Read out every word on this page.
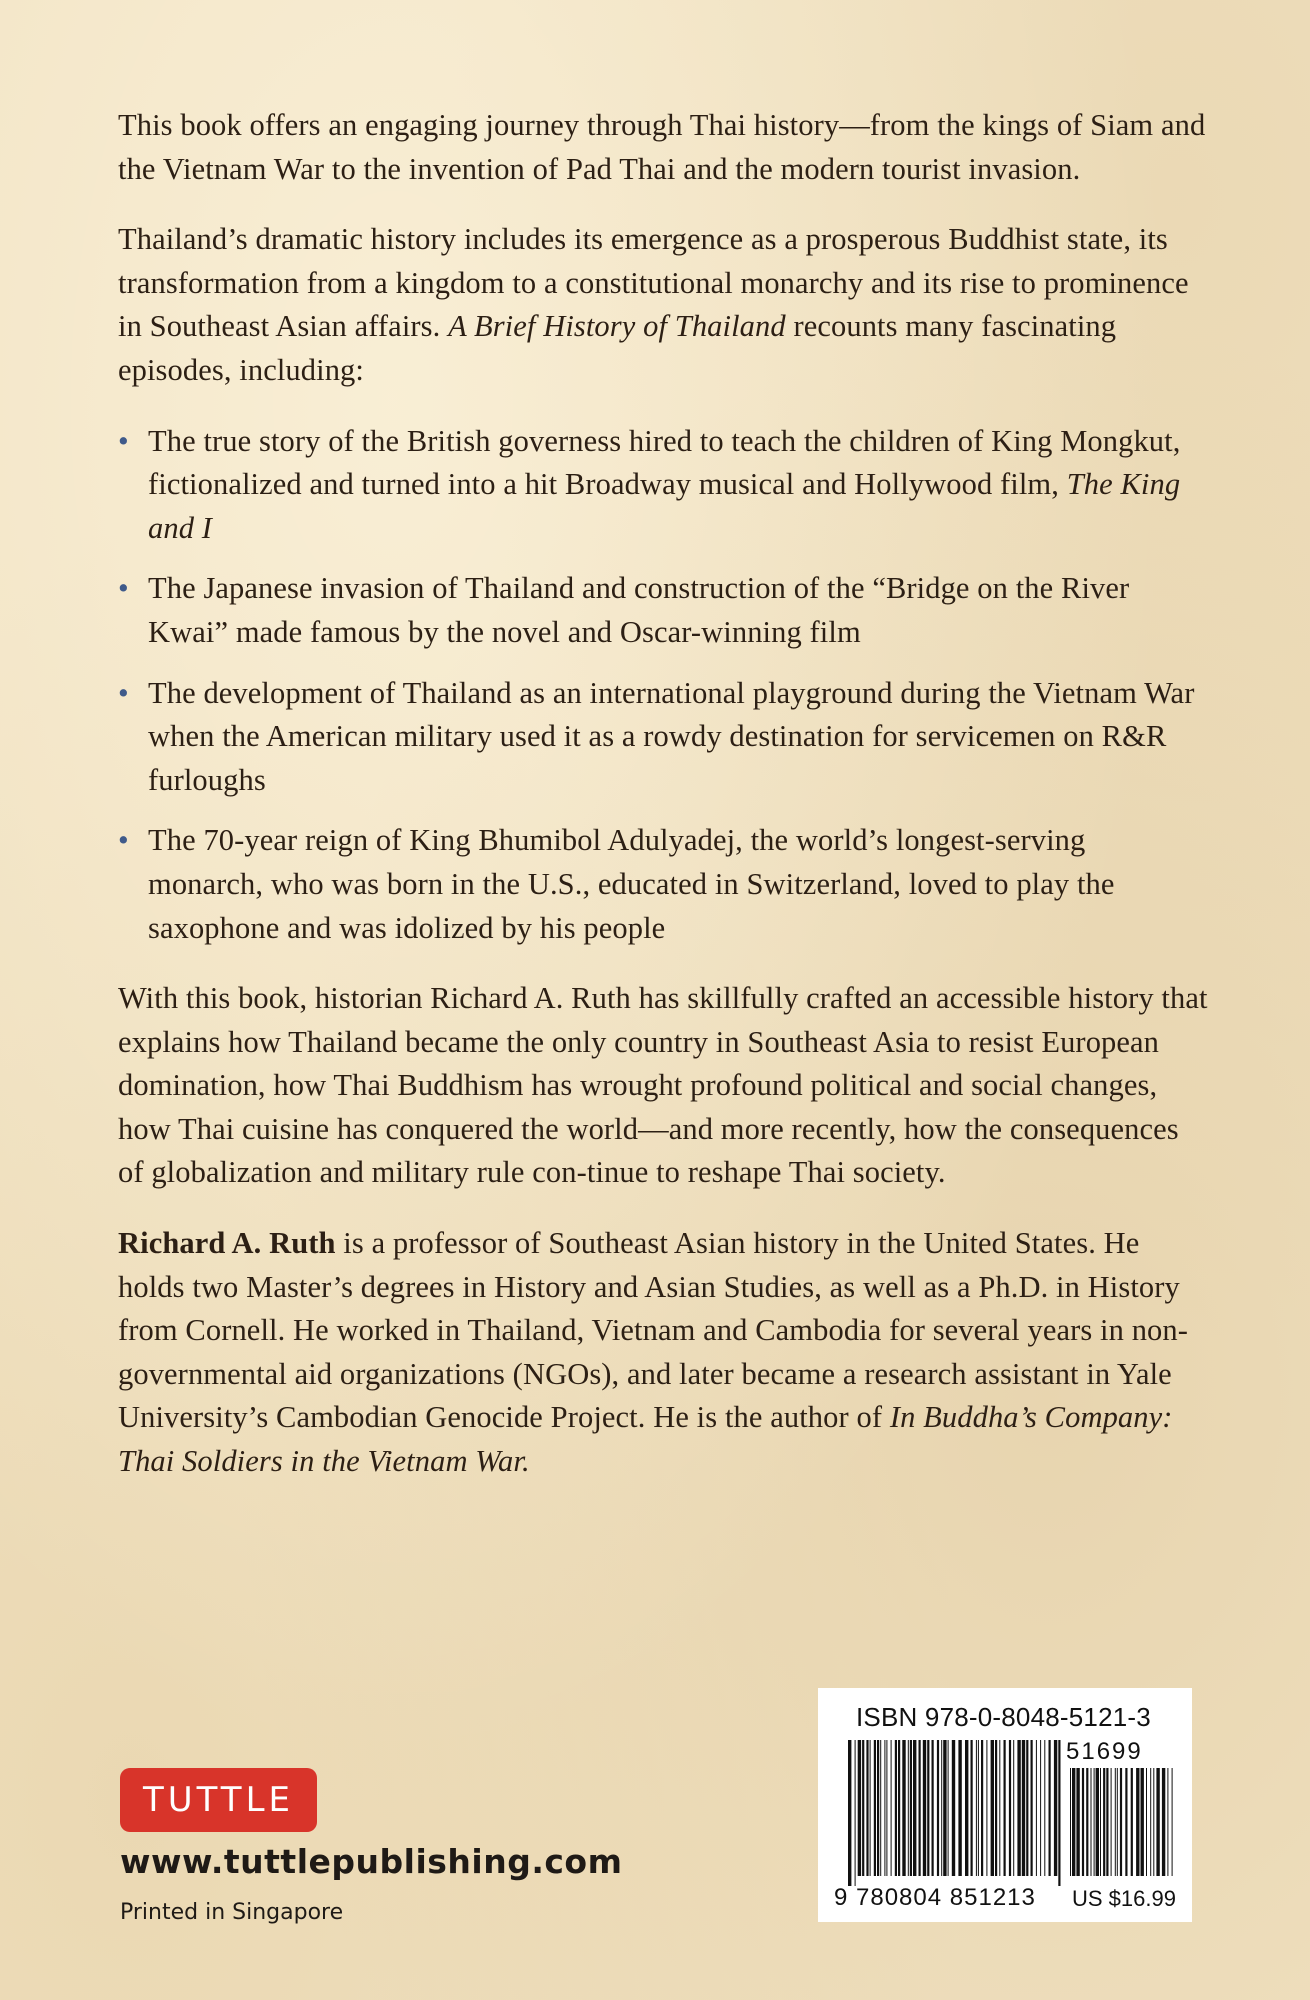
This book offers an engaging journey through Thai history—from the kings of Siam and the Vietnam War to the invention of Pad Thai and the modern tourist invasion.

Thailand’s dramatic history includes its emergence as a prosperous Buddhist state, its transformation from a kingdom to a constitutional monarchy and its rise to prominence in Southeast Asian affairs. A Brief History of Thailand recounts many fascinating episodes, including:

• The true story of the British governess hired to teach the children of King Mongkut, fictionalized and turned into a hit Broadway musical and Hollywood film, The King and I
• The Japanese invasion of Thailand and construction of the “Bridge on the River Kwai” made famous by the novel and Oscar-winning film
• The development of Thailand as an international playground during the Vietnam War when the American military used it as a rowdy destination for servicemen on R&R furloughs
• The 70-year reign of King Bhumibol Adulyadej, the world’s longest-serving monarch, who was born in the U.S., educated in Switzerland, loved to play the saxophone and was idolized by his people

With this book, historian Richard A. Ruth has skillfully crafted an accessible history that explains how Thailand became the only country in Southeast Asia to resist European domination, how Thai Buddhism has wrought profound political and social changes, how Thai cuisine has conquered the world—and more recently, how the consequences of globalization and military rule con-tinue to reshape Thai society.

Richard A. Ruth is a professor of Southeast Asian history in the United States. He holds two Master’s degrees in History and Asian Studies, as well as a Ph.D. in History from Cornell. He worked in Thailand, Vietnam and Cambodia for several years in non-governmental aid organizations (NGOs), and later became a research assistant in Yale University’s Cambodian Genocide Project. He is the author of In Buddha’s Company: Thai Soldiers in the Vietnam War.

TUTTLE
www.tuttlepublishing.com
Printed in Singapore
ISBN 978-0-8048-5121-3
51699
9 780804 851213 US $16.99
